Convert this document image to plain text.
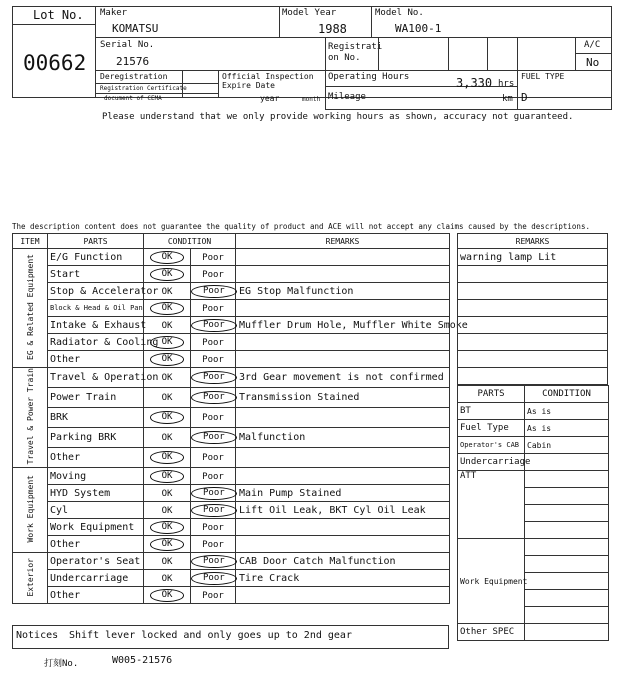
Lot No.
00662
Maker
KOMATSU
Model Year
1988
Model No.
WA100-1
Serial No.
21576
Registrati
on No.
A/C
No
Deregistration
Registration Certificate
document of CEMA
Official Inspection
Expire Date
year	month
Operating Hours	3,330 hrs
Mileage	km
FUEL TYPE
D
Please understand that we only provide working hours as shown, accuracy not guaranteed.
The description content does not guarantee the quality of product and ACE will not accept any claims caused by the descriptions.
ITEM	PARTS	CONDITION		REMARKS
EG & Related Equipment	E/G Function	OK	Poor	
	Start	OK	Poor	
	Stop & Accelerator	OK	Poor	EG Stop Malfunction
	Block & Head & Oil Pan	OK	Poor	
	Intake & Exhaust	OK	Poor	Muffler Drum Hole, Muffler White Smoke
	Radiator & Cooling	OK	Poor	
	Other	OK	Poor	
Travel & Power Train	Travel & Operation	OK	Poor	3rd Gear movement is not confirmed
	Power Train	OK	Poor	Transmission Stained
	BRK	OK	Poor	
	Parking BRK	OK	Poor	Malfunction
	Other	OK	Poor	
Work Equipment	Moving	OK	Poor	
	HYD System	OK	Poor	Main Pump Stained
	Cyl	OK	Poor	Lift Oil Leak, BKT Cyl Oil Leak
	Work Equipment	OK	Poor	
	Other	OK	Poor	
Exterior	Operator's Seat	OK	Poor	CAB Door Catch Malfunction
	Undercarriage	OK	Poor	Tire Crack
	Other	OK	Poor	
REMARKS
warning lamp Lit

PARTS	CONDITION
BT	As is
Fuel Type	As is
Operator's CAB	Cabin
Undercarriage	
ATT	

Work Equipment	

Other SPEC	
Notices Shift lever locked and only goes up to 2nd gear
打刻No.	W005-21576
